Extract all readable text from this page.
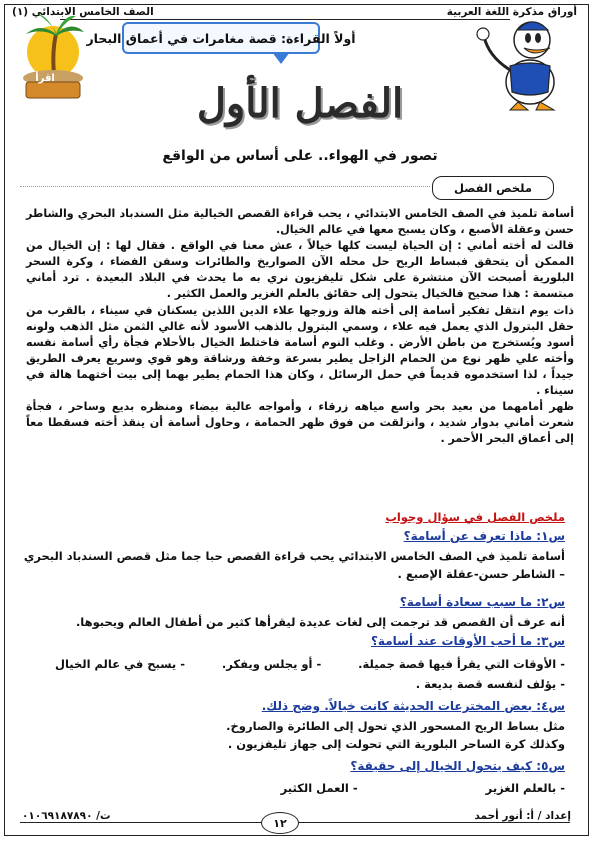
أوراق مذكرة اللغة العربية
الصف الخامس الابتدائي (١)
اقرأ
أولاً القراءة:

قصة مغامرات في أعماق البحار
الفصل الأول
تصور في الهواء.. على أساس من الواقع
ملخص الفصل

أسامة تلميذ في الصف الخامس الابتدائي ، يحب قراءة القصص الخيالية مثل السندباد البحري والشاطر حسن وعقلة الأصبع ، وكان يسبح معها في عالم الخيال.

قالت له أخته أماني : إن الحياة ليست كلها خيالاً ، عش معنا في الواقع . فقال لها : إن الخيال من الممكن أن يتحقق فبساط الريح حل محله الآن الصواريخ والطائرات وسفن الفضاء ، وكرة السحر البلورية أصبحت الآن منتشرة على شكل تليفزيون نري به ما يحدث في البلاد البعيدة . ترد أماني مبتسمة : هذا صحيح فالخيال يتحول إلى حقائق بالعلم الغزير والعمل الكثير .

ذات يوم انتقل تفكير أسامة إلى أخته هالة وزوجها علاء الدين اللذين يسكنان في سيناء ، بالقرب من حقل البترول الذي يعمل فيه علاء ، وسمي البترول بالذهب الأسود لأنه غالي الثمن مثل الذهب ولونه أسود ويُستخرج من باطن الأرض . وغلب النوم أسامة فاختلط الخيال بالأحلام فجأة رأي أسامة نفسه وأخته علي ظهر نوع من الحمام الزاجل يطير بسرعة وخفة ورشاقة وهو قوي وسريع يعرف الطريق جيداً ، لذا استخدموه قديماً في حمل الرسائل ، وكان هذا الحمام يطير بهما إلى بيت أختهما هالة في سيناء .

ظهر أمامهما من بعيد بحر واسع مياهه زرقاء ، وأمواجه عالية بيضاء ومنظره بديع وساحر ، فجأة شعرت أماني بدوار شديد ، وانزلقت من فوق ظهر الحمامة ، وحاول أسامة أن ينقذ أخته فسقطا معاً إلى أعماق البحر الأحمر .

ملخص الفصل في سؤال وجواب
س١: ماذا تعرف عن أسامة؟
أسامة تلميذ في الصف الخامس الابتدائي يحب قراءة القصص حبا جما مثل قصص السندباد البحري
– الشاطر حسن-عقلة الإصبع .
س٢: ما سبب سعادة أسامة؟
أنه عرف أن القصص قد ترجمت إلى لغات عديدة ليقرأها كثير من أطفال العالم ويحبوها.
س٣: ما أحب الأوقات عند أسامة؟
- الأوقات التي يقرأ فيها قصة جميلة.
- أو يجلس ويفكر.
- يسبح في عالم الخيال
- يؤلف لنفسه قصة بديعة .
س٤: بعض المخترعات الحديثة كانت خيالاً. وضح ذلك.
مثل بساط الريح المسحور الذي تحول إلى الطائرة والصاروخ.
وكذلك كرة الساحر البلورية التي تحولت إلى جهاز تليفزيون .
س٥: كيف يتحول الخيال إلى حقيقة؟
- بالعلم الغزير  - العمل الكثير
إعداد / أ: أنور أحمد
ت/ ٠١٠٦٩١٨٧٨٩٠
١٢
